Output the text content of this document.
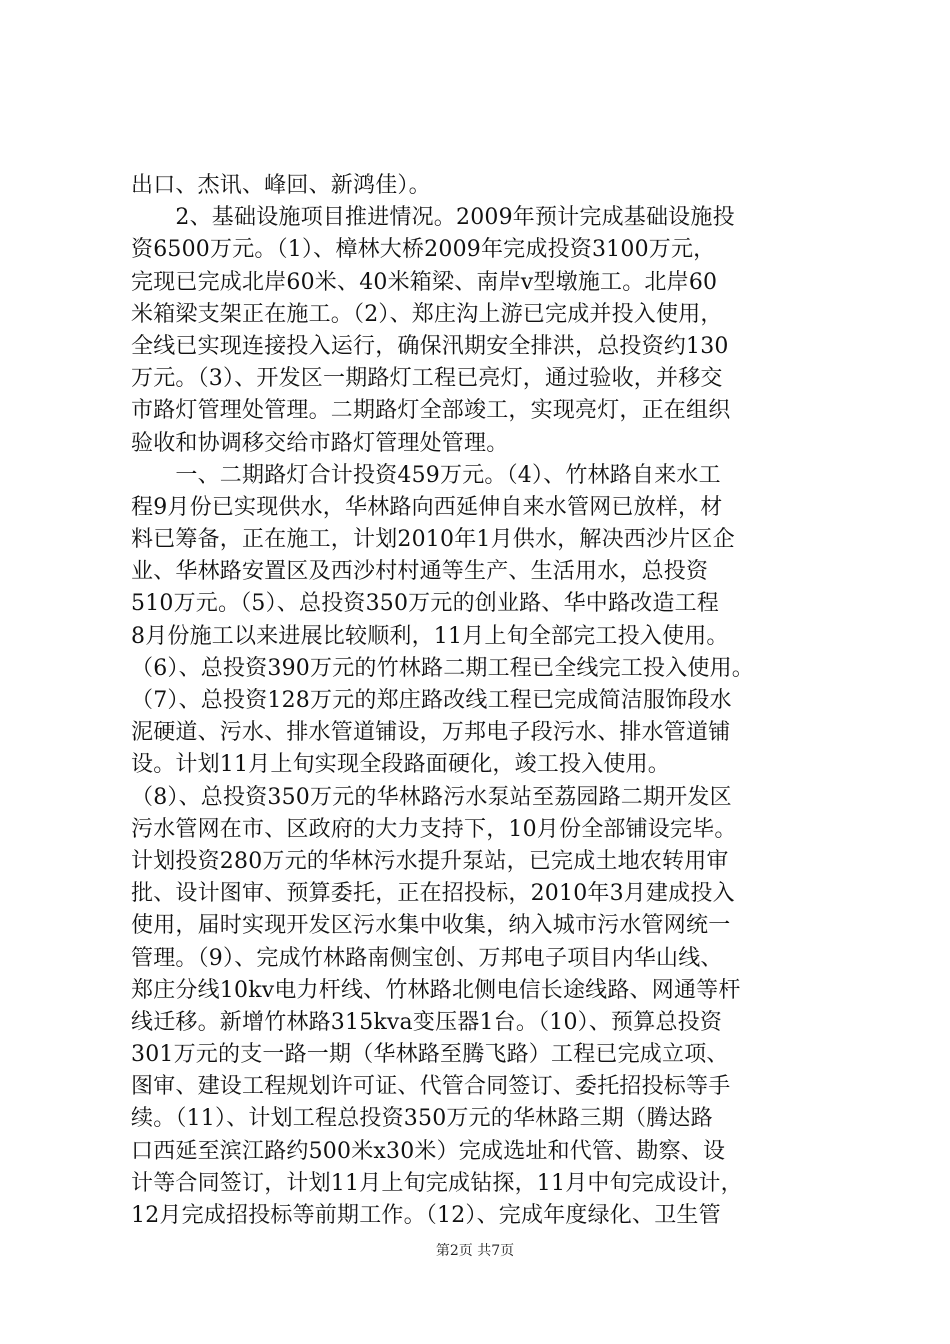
出口、杰讯、峰回、新鸿佳）。
　　2、基础设施项目推进情况。2009年预计完成基础设施投
资6500万元。（1）、樟林大桥2009年完成投资3100万元，
完现已完成北岸60米、40米箱梁、南岸v型墩施工。北岸60
米箱梁支架正在施工。（2）、郑庄沟上游已完成并投入使用，
全线已实现连接投入运行，确保汛期安全排洪，总投资约130
万元。（3）、开发区一期路灯工程已亮灯，通过验收，并移交
市路灯管理处管理。二期路灯全部竣工，实现亮灯，正在组织
验收和协调移交给市路灯管理处管理。
　　一、二期路灯合计投资459万元。（4）、竹林路自来水工
程9月份已实现供水，华林路向西延伸自来水管网已放样，材
料已筹备，正在施工，计划2010年1月供水，解决西沙片区企
业、华林路安置区及西沙村村通等生产、生活用水，总投资
510万元。（5）、总投资350万元的创业路、华中路改造工程
8月份施工以来进展比较顺利，11月上旬全部完工投入使用。
（6）、总投资390万元的竹林路二期工程已全线完工投入使用。
（7）、总投资128万元的郑庄路改线工程已完成简洁服饰段水
泥硬道、污水、排水管道铺设，万邦电子段污水、排水管道铺
设。计划11月上旬实现全段路面硬化，竣工投入使用。
（8）、总投资350万元的华林路污水泵站至荔园路二期开发区
污水管网在市、区政府的大力支持下，10月份全部铺设完毕。
计划投资280万元的华林污水提升泵站，已完成土地农转用审
批、设计图审、预算委托，正在招投标，2010年3月建成投入
使用，届时实现开发区污水集中收集，纳入城市污水管网统一
管理。（9）、完成竹林路南侧宝创、万邦电子项目内华山线、
郑庄分线10kv电力杆线、竹林路北侧电信长途线路、网通等杆
线迁移。新增竹林路315kva变压器1台。（10）、预算总投资
301万元的支一路一期（华林路至腾飞路）工程已完成立项、
图审、建设工程规划许可证、代管合同签订、委托招投标等手
续。（11）、计划工程总投资350万元的华林路三期（腾达路
口西延至滨江路约500米x30米）完成选址和代管、勘察、设
计等合同签订，计划11月上旬完成钻探，11月中旬完成设计，
12月完成招投标等前期工作。（12）、完成年度绿化、卫生管
第2页 共7页
